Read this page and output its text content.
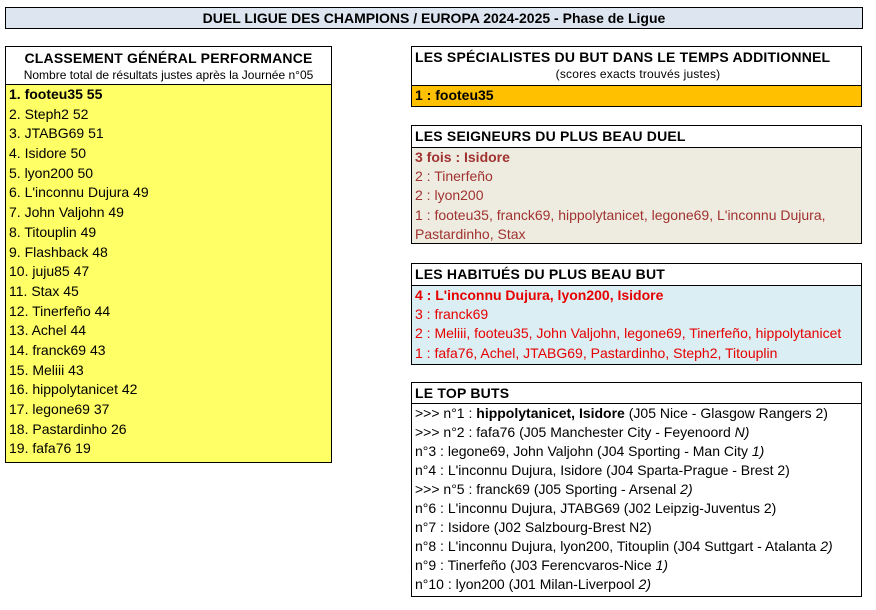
DUEL LIGUE DES CHAMPIONS / EUROPA 2024-2025 - Phase de Ligue
CLASSEMENT GÉNÉRAL PERFORMANCE
Nombre total de résultats justes après la Journée n°05
1. footeu35 55
2. Steph2 52
3. JTABG69 51
4. Isidore 50
5. lyon200 50
6. L'inconnu Dujura 49
7. John Valjohn 49
8. Titouplin 49
9. Flashback 48
10. juju85 47
11. Stax 45
12. Tinerfeño 44
13. Achel 44
14. franck69 43
15. Meliii 43
16. hippolytanicet 42
17. legone69 37
18. Pastardinho 26
19. fafa76 19
LES SPÉCIALISTES DU BUT DANS LE TEMPS ADDITIONNEL
(scores exacts trouvés justes)
1 : footeu35
LES SEIGNEURS DU PLUS BEAU DUEL
3 fois : Isidore
2 : Tinerfeño
2 : lyon200
1 : footeu35, franck69, hippolytanicet, legone69, L'inconnu Dujura,
Pastardinho, Stax
LES HABITUÉS DU PLUS BEAU BUT
4 : L'inconnu Dujura, lyon200, Isidore
3 : franck69
2 : Meliii, footeu35, John Valjohn, legone69, Tinerfeño, hippolytanicet
1 : fafa76, Achel, JTABG69, Pastardinho, Steph2, Titouplin
LE TOP BUTS
>>> n°1 : hippolytanicet, Isidore (J05 Nice - Glasgow Rangers 2)
>>> n°2 : fafa76 (J05 Manchester City - Feyenoord N)
n°3 : legone69, John Valjohn (J04 Sporting - Man City 1)
n°4 : L'inconnu Dujura, Isidore (J04 Sparta-Prague - Brest 2)
>>> n°5 : franck69 (J05 Sporting - Arsenal 2)
n°6 : L'inconnu Dujura, JTABG69 (J02 Leipzig-Juventus 2)
n°7 : Isidore (J02 Salzbourg-Brest N2)
n°8 : L'inconnu Dujura, lyon200, Titouplin (J04 Suttgart - Atalanta 2)
n°9 : Tinerfeño (J03 Ferencvaros-Nice 1)
n°10 : lyon200 (J01 Milan-Liverpool 2)
